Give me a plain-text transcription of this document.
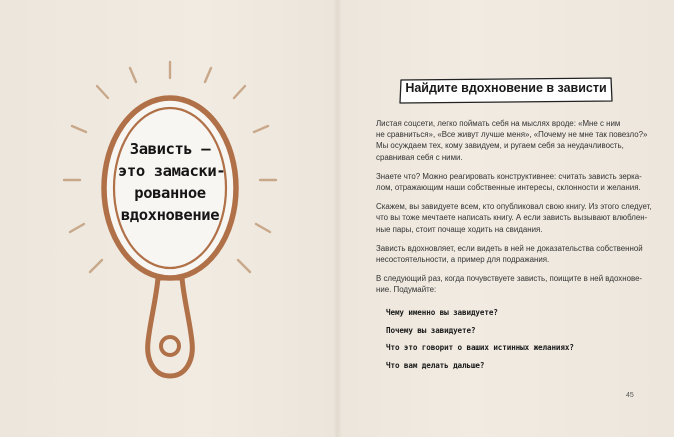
Зависть –
это замаски-
рованное
вдохновение
Найдите вдохновение в зависти

Листая соцсети, легко поймать себя на мыслях вроде: «Мне с ним
не сравниться», «Все живут лучше меня», «Почему не мне так повезло?»
Мы осуждаем тех, кому завидуем, и ругаем себя за неудачливость,
сравнивая себя с ними.

Знаете что? Можно реагировать конструктивнее: считать зависть зерка-
лом, отражающим наши собственные интересы, склонности и желания.

Скажем, вы завидуете всем, кто опубликовал свою книгу. Из этого следует,
что вы тоже мечтаете написать книгу. А если зависть вызывают влюблен-
ные пары, стоит почаще ходить на свидания.

Зависть вдохновляет, если видеть в ней не доказательства собственной
несостоятельности, а пример для подражания.

В следующий раз, когда почувствуете зависть, поищите в ней вдохнове-
ние. Подумайте:

Чему именно вы завидуете?
Почему вы завидуете?
Что это говорит о ваших истинных желаниях?
Что вам делать дальше?
45
